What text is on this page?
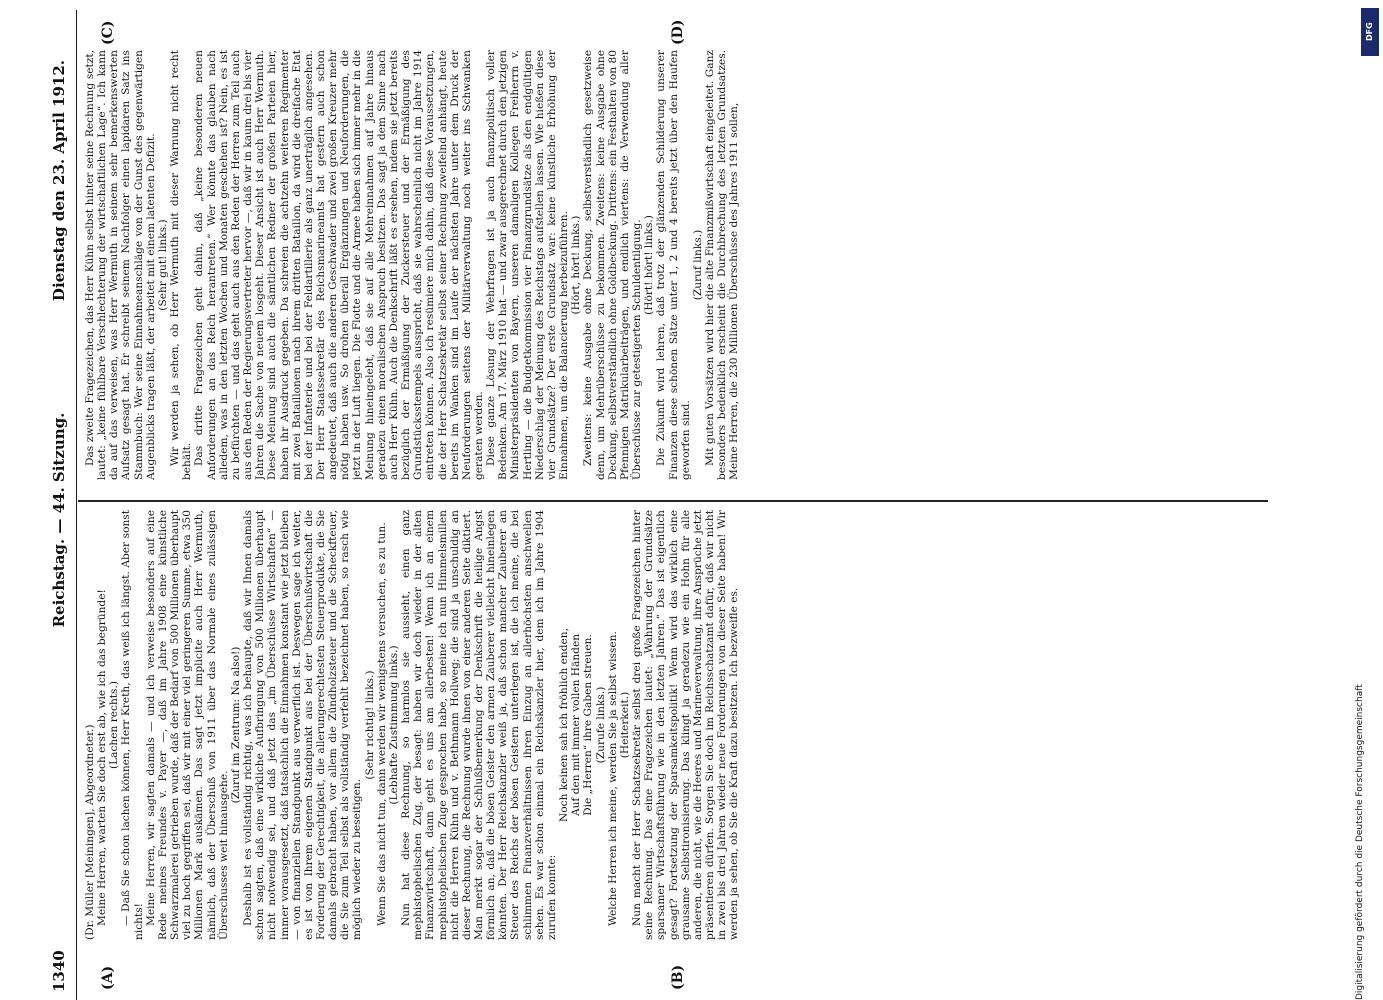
1340
Reichstag. — 44. Sitzung.
Dienstag den 23. April 1912.
(A)	(B)
(C)	(D)

(Dr. Müller [Meiningen], Abgeordneter.) Meine Herren, warten Sie doch erst ab, wie ich das begründe! (Lachen rechts.) — Daß Sie schon lachen können, Herr Kreth, das weiß ich längst. Aber sonst nichts! Meine Herren, wir sagten damals — und ich verweise besonders auf eine Rede meines Freundes v. Payer —, daß im Jahre 1908 eine künstliche Schwarzmalerei getrieben wurde, daß der Bedarf von 500 Millionen überhaupt viel zu hoch gegriffen sei, daß wir mit einer viel geringeren Summe, etwa 350 Millionen Mark auskämen. Das sagt jetzt implicite auch Herr Wermuth, nämlich, daß der Überschuß von 1911 über das Normale eines zulässigen Überschusses weit hinausgehe.

(Zuruf im Zentrum: Na also!) Deshalb ist es vollständig richtig, was ich behaupte, daß wir Ihnen damals schon sagten, daß eine wirkliche Aufbringung von 500 Millionen überhaupt nicht notwendig sei, und daß jetzt das „im Überschüsse Wirtschaften“ — immer vorausgesetzt, daß tatsächlich die Einnahmen konstant wie jetzt bleiben — von finanziellen Standpunkt aus verwerflich ist. Deswegen sage ich weiter, es ist von Ihrem eigenen Standpunkt aus bei der Überschußwirtschaft die Forderung der Gerechtigkeit, die allerungerechtesten Steuerprodukte, die Sie damals gebracht haben, vor allem die Zündholzsteuer und die Scheckfteuer, die Sie zum Teil selbst als vollständig verfehlt bezeichnet haben, so rasch wie möglich wieder zu beseitigen.

(Sehr richtig! links.) Wenn Sie das nicht tun, dann werden wir wenigstens versuchen, es zu tun. (Lebhafte Zustimmung links.) Nun hat diese Rechnung, so harmlos sie aussieht, einen ganz mephistophelischen Zug, der besagt: haben wir doch wieder in der alten Finanzwirtschaft, dann geht es uns am allerbesten! Wenn ich an einem mephistophelischen Zuge gesprochen habe, so meine ich nun Himmelsmillen nicht die Herren Kühn und v. Bethmann Hollweg; die sind ja unschuldig an dieser Rechnung, die Rechnung wurde ihnen von einer anderen Seite diktiert. Man merkt sogar der Schlußbemerkung der Denkschrift die heilige Angst förmlich an, daß die bösen Geister den armen Zauberer vielleicht hineinlegen könnten. Der Herr Reichskanzler weiß ja, daß schon mancher Zauberer an Steuer des Reichs der bösen Geistern unterlegen ist, die ich meine, die bei schlimmen Finanzverhältnissen ihren Einzug an allerhöchsten anschwellen sehen. Es war schon einmal ein Reichskanzler hier, dem ich im Jahre 1904 zurufen konnte:

Noch keinen sah ich fröhlich enden, Auf den mit immer vollen Händen Die „Herren“ ihre Gaben streuen. (Zurufe links.) Welche Herren ich meine, werden Sie ja selbst wissen. (Heiterkeit.) Nun macht der Herr Schatzsekretär selbst drei große Fragezeichen hinter seine Rechnung. Das eine Fragezeichen lautet: „Wahrung der Grundsätze sparsamer Wirtschaftsführung wie in den letzten Jahren.“ Das ist eigentlich gesagt? Fortsetzung der Sparsamkeitspolitik! Wenn wird das wirklich eine grausame Selbstironisierung. Das klingt ja geradezu wie ein Hohn für alle anderen, die nicht, wie die Heeres und Marineverwaltung, ihre Ansprüche jetzt präsentieren dürfen. Sorgen Sie doch im Reichsschatzamt dafür, daß wir nicht in zwei bis drei Jahren wieder neue Forderungen von dieser Seite haben! Wir werden ja sehen, ob Sie die Kraft dazu besitzen. Ich bezweifle es.

Das zweite Fragezeichen, das Herr Kühn selbst hinter seine Rechnung setzt, lautet: „keine fühlbare Verschlechterung der wirtschaftlichen Lage“. Ich kann da auf das verweisen, was Herr Wermuth in seinem sehr bemerkenswerten Aufsatz gesagt hat. Er schreibt seinem Nachfolger einen lapidaren Satz ins Stammbuch: Wer seine Einnahmeanschläge von der Gunst des gegenwärtigen Augenblicks tragen läßt, der arbeitet mit einem latenten Defizit. (Sehr gut! links.) Wir werden ja sehen, ob Herr Wermuth mit dieser Warnung nicht recht behält. Das dritte Fragezeichen geht dahin, daß „keine besonderen neuen Anforderungen an das Reich herantreten.“ Wer könnte das glauben nach alledem, was in den letzten Wochen und Monaten geschehen ist? Nein, es ist zu befürchten — und das geht auch aus den Reden der Herren zum Teil auch aus den Reden der Regierungsvertreter hervor —, daß wir in kaum drei bis vier Jahren die Sache von neuem losgeht. Dieser Ansicht ist auch Herr Wermuth. Diese Meinung sind auch die sämtlichen Redner der großen Parteien hier, haben ihr Ausdruck gegeben. Da schreien die achtzehn weiteren Regimenter mit zwei Bataillonen nach ihrem dritten Bataillon, da wird die dreifache Etat bei der Infanterie und bei der Feldartillerie als ganz unerträglich angesehen. Der Herr Staatssekretär des Reichsmarineamts hat gestern auch schon angedeutet, daß auch die anderen Geschwader und zwei großen Kreuzer mehr nötig haben usw. So drohen überall Ergänzungen und Neuforderungen, die jetzt in der Luft liegen. Die Flotte und die Armee haben sich immer mehr in die Meinung hineingelebt, daß sie auf alle Mehreinnahmen auf Jahre hinaus geradezu einen moralischen Anspruch besitzen. Das sagt ja dem Sinne nach auch Herr Kühn. Auch die Denkschrift läßt es ersehen, indem sie jetzt bereits bezüglich der Ermäßigung der Zuckersteuer und der Ermäßigung des Grundstücksstempels ausspricht, daß sie wahrscheinlich nicht im Jahre 1914 eintreten können. Also ich resümiere mich dahin, daß diese Voraussetzungen, die der Herr Schatzsekretär selbst seiner Rechnung zweifelnd anhängt, heute bereits im Wanken sind im Laufe der nächsten Jahre unter dem Druck der Neuforderungen seitens der Militärverwaltung noch weiter ins Schwanken geraten werden. Diese ganze Lösung der Wehrfragen ist ja auch finanzpolitisch voller Bedenken. Am 17. März 1910 hat — und zwar ausgerechnet durch den jetzigen Ministerpräsidenten von Bayern, unseren damaligen Kollegen Freiherrn v. Hertling — die Budgetkommission vier Finanzgrundsätze als den endgültigen Niederschlag der Meinung des Reichstags aufstellen lassen. Wie hießen diese vier Grundsätze? Der erste Grundsatz war: keine künstliche Erhöhung der Einnahmen, um die Balancierung herbeizuführen. (Hört, hört! links.) Zweitens: keine Ausgabe ohne Deckung, selbstverständlich gesetzweise denn, um Mehrüberschüsse zu bekommen. Zweitens: keine Ausgabe ohne Deckung, selbstverständlich ohne Goldbeckung. Drittens: ein Festhalten von 80 Pfennigen Matrikularbeiträgen, und endlich viertens: die Verwendung aller Überschüsse zur getestigerten Schuldentilgung. (Hört! hört! links.) Die Zukunft wird lehren, daß trotz der glänzenden Schilderung unserer Finanzen diese schönen Sätze unter 1, 2 und 4 bereits jetzt über den Haufen geworfen sind.

(Zuruf links.) Mit guten Vorsätzen wird hier die alte Finanzmißwirtschaft eingeleitet. Ganz besonders bedenklich erscheint die Durchbrechung des letzten Grundsatzes. Meine Herren, die 230 Millionen Überschüsse des Jahres 1911 sollen,

DFG
Digitalisierung gefördert durch die Deutsche Forschungsgemeinschaft
